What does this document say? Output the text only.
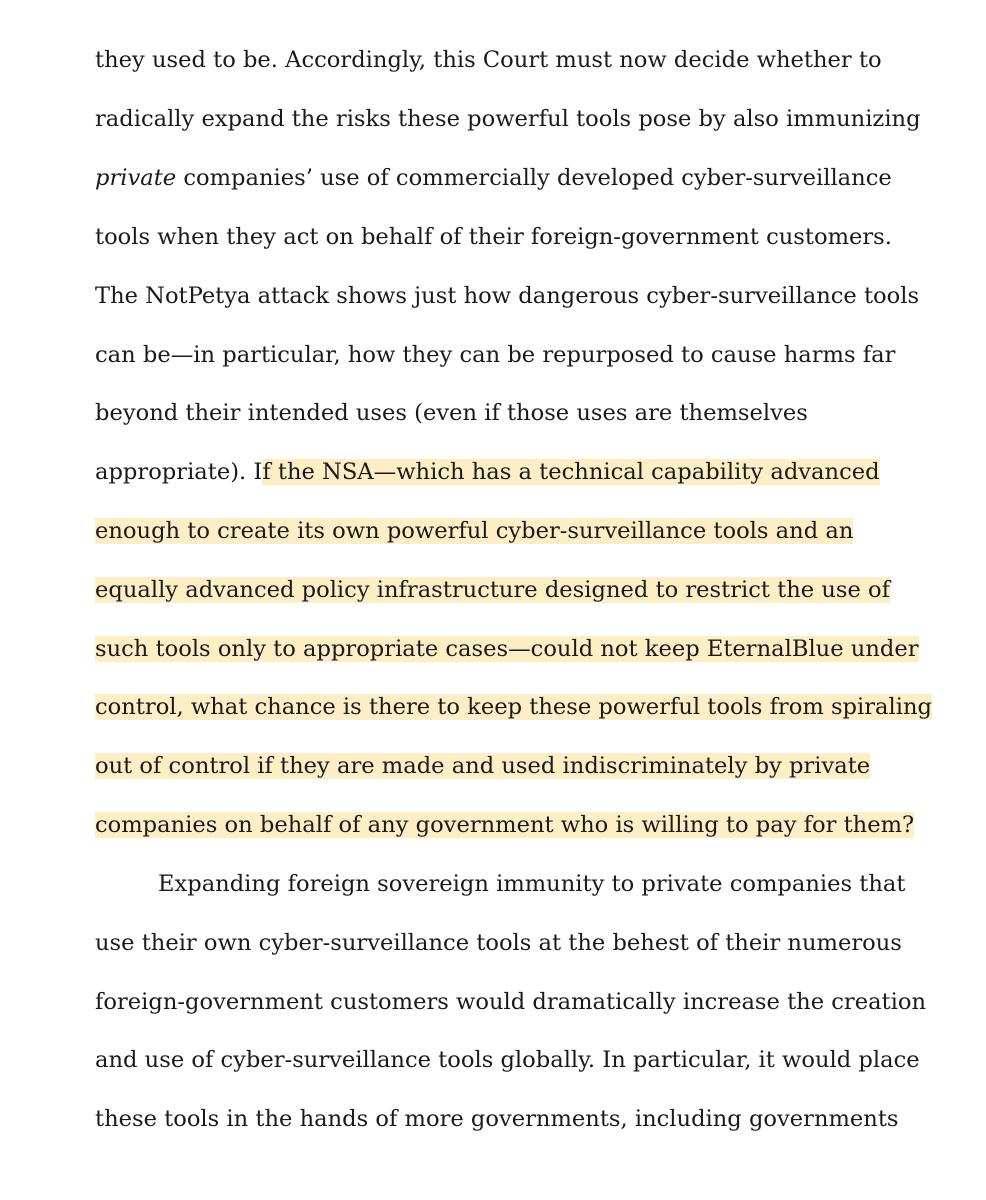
they used to be. Accordingly, this Court must now decide whether to
radically expand the risks these powerful tools pose by also immunizing
private companies’ use of commercially developed cyber-surveillance
tools when they act on behalf of their foreign-government customers.
The NotPetya attack shows just how dangerous cyber-surveillance tools
can be—in particular, how they can be repurposed to cause harms far
beyond their intended uses (even if those uses are themselves
appropriate). If the NSA—which has a technical capability advanced
enough to create its own powerful cyber-surveillance tools and an
equally advanced policy infrastructure designed to restrict the use of
such tools only to appropriate cases—could not keep EternalBlue under
control, what chance is there to keep these powerful tools from spiraling
out of control if they are made and used indiscriminately by private
companies on behalf of any government who is willing to pay for them?
Expanding foreign sovereign immunity to private companies that
use their own cyber-surveillance tools at the behest of their numerous
foreign-government customers would dramatically increase the creation
and use of cyber-surveillance tools globally. In particular, it would place
these tools in the hands of more governments, including governments
